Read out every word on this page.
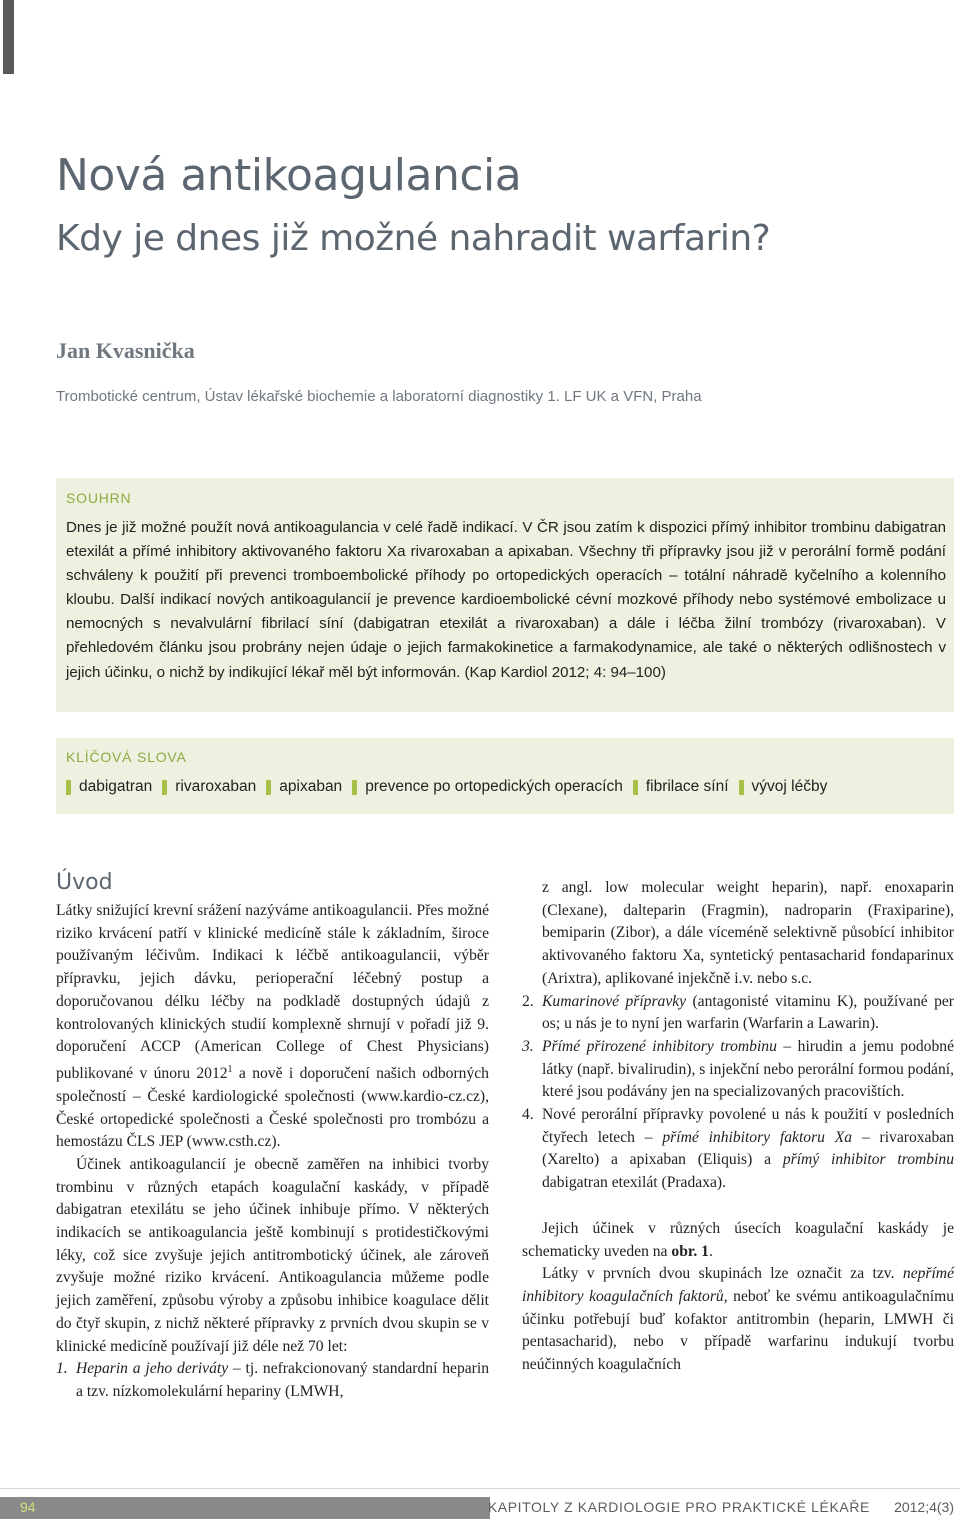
Nová antikoagulancia
Kdy je dnes již možné nahradit warfarin?
Jan Kvasnička
Trombotické centrum, Ústav lékařské biochemie a laboratorní diagnostiky 1. LF UK a VFN, Praha
SOUHRN

Dnes je již možné použít nová antikoagulancia v celé řadě indikací. V ČR jsou zatím k dispozici přímý inhibitor trombinu dabigatran etexilát a přímé inhibitory aktivovaného faktoru Xa rivaroxaban a apixaban. Všechny tři přípravky jsou již v perorální formě podání schváleny k použití při prevenci tromboembolické příhody po ortopedických operacích – totální náhradě kyčelního a kolenního kloubu. Další indikací nových antikoagulancií je prevence kardioembolické cévní mozkové příhody nebo systémové embolizace u nemocných s nevalvulární fibrilací síní (dabigatran etexilát a rivaroxaban) a dále i léčba žilní trombózy (rivaroxaban). V přehledovém článku jsou probrány nejen údaje o jejich farmakokinetice a farmakodynamice, ale také o některých odlišnostech v jejich účinku, o nichž by indikující lékař měl být informován. (Kap Kardiol 2012; 4: 94–100)

KLÍČOVÁ SLOVA
dabigatran rivaroxaban apixaban prevence po ortopedických operacích fibrilace síní vývoj léčby
Úvod

Látky snižující krevní srážení nazýváme antikoagulancii. Přes možné riziko krvácení patří v klinické medicíně stále k základním, široce používaným léčivům. Indikaci k léčbě antikoagulancii, výběr přípravku, jejich dávku, perioperační léčebný postup a doporučovanou délku léčby na podkladě dostupných údajů z kontrolovaných klinických studií komplexně shrnují v pořadí již 9. doporučení ACCP (American College of Chest Physicians) publikované v únoru 2012$^1$ a nově i doporučení našich odborných společností – České kardiologické společnosti (www.kardio-cz.cz), České ortopedické společnosti a České společnosti pro trombózu a hemostázu ČLS JEP (www.csth.cz).

Účinek antikoagulancií je obecně zaměřen na inhibici tvorby trombinu v různých etapách koagulační kaskády, v případě dabigatran etexilátu se jeho účinek inhibuje přímo. V některých indikacích se antikoagulancia ještě kombinují s protidestičkovými léky, což sice zvyšuje jejich antitrombotický účinek, ale zároveň zvyšuje možné riziko krvácení. Antikoagulancia můžeme podle jejich zaměření, způsobu výroby a způsobu inhibice koagulace dělit do čtyř skupin, z nichž některé přípravky z prvních dvou skupin se v klinické medicíně používají již déle než 70 let:

1. Heparin a jeho deriváty – tj. nefrakcionovaný standardní heparin a tzv. nízkomolekulární hepariny (LMWH,
z angl. low molecular weight heparin), např. enoxaparin (Clexane), dalteparin (Fragmin), nadroparin (Fraxiparine), bemiparin (Zibor), a dále víceméně selektivně působící inhibitor aktivovaného faktoru Xa, syntetický pentasacharid fondaparinux (Arixtra), aplikované injekčně i.v. nebo s.c.
2. Kumarinové přípravky (antagonisté vitaminu K), používané per os; u nás je to nyní jen warfarin (Warfarin a Lawarin).
3. Přímé přirozené inhibitory trombinu – hirudin a jemu podobné látky (např. bivalirudin), s injekční nebo perorální formou podání, které jsou podávány jen na specializovaných pracovištích.
4. Nové perorální přípravky povolené u nás k použití v posledních čtyřech letech – přímé inhibitory faktoru Xa – rivaroxaban (Xarelto) a apixaban (Eliquis) a přímý inhibitor trombinu dabigatran etexilát (Pradaxa).

Jejich účinek v různých úsecích koagulační kaskády je schematicky uveden na obr. 1.

Látky v prvních dvou skupinách lze označit za tzv. nepřímé inhibitory koagulačních faktorů, neboť ke svému antikoagulačnímu účinku potřebují buď kofaktor antitrombin (heparin, LMWH či pentasacharid), nebo v případě warfarinu indukují tvorbu neúčinných koagulačních

94	KAPITOLY Z KARDIOLOGIE PRO PRAKTICKÉ LÉKAŘE 2012;4(3)
